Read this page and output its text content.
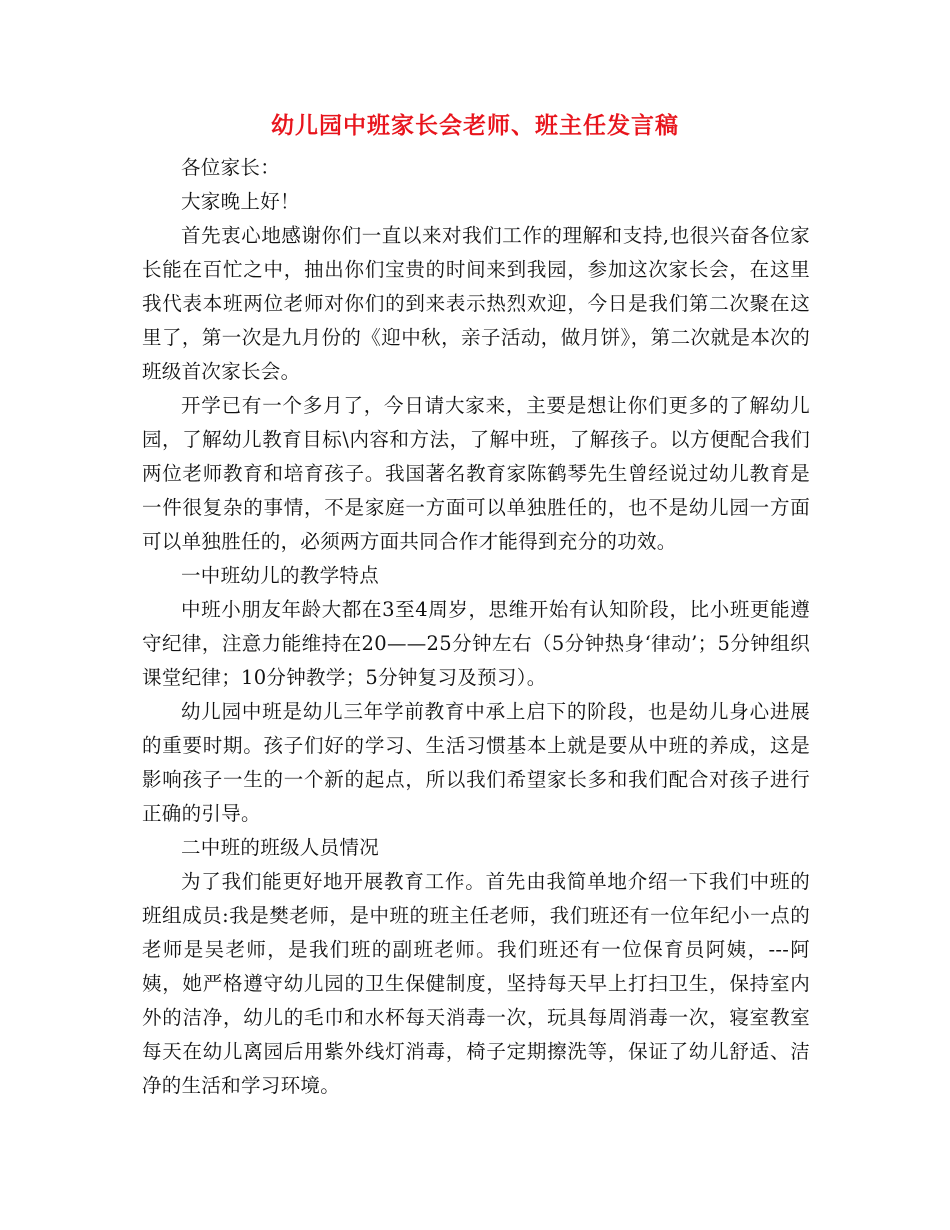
幼儿园中班家长会老师、班主任发言稿

各位家长：

大家晚上好！

首先衷心地感谢你们一直以来对我们工作的理解和支持,也很兴奋各位家长能在百忙之中，抽出你们宝贵的时间来到我园，参加这次家长会，在这里我代表本班两位老师对你们的到来表示热烈欢迎，今日是我们第二次聚在这里了，第一次是九月份的《迎中秋，亲子活动，做月饼》，第二次就是本次的班级首次家长会。

开学已有一个多月了，今日请大家来，主要是想让你们更多的了解幼儿园，了解幼儿教育目标\内容和方法，了解中班，了解孩子。以方便配合我们两位老师教育和培育孩子。我国著名教育家陈鹤琴先生曾经说过幼儿教育是一件很复杂的事情，不是家庭一方面可以单独胜任的，也不是幼儿园一方面可以单独胜任的，必须两方面共同合作才能得到充分的功效。

一中班幼儿的教学特点

中班小朋友年龄大都在3至4周岁，思维开始有认知阶段，比小班更能遵守纪律，注意力能维持在20——25分钟左右（5分钟热身‘律动’；5分钟组织课堂纪律；10分钟教学；5分钟复习及预习）。

幼儿园中班是幼儿三年学前教育中承上启下的阶段，也是幼儿身心进展的重要时期。孩子们好的学习、生活习惯基本上就是要从中班的养成，这是影响孩子一生的一个新的起点，所以我们希望家长多和我们配合对孩子进行正确的引导。

二中班的班级人员情况

为了我们能更好地开展教育工作。首先由我简单地介绍一下我们中班的班组成员:我是樊老师，是中班的班主任老师，我们班还有一位年纪小一点的老师是吴老师，是我们班的副班老师。我们班还有一位保育员阿姨，---阿姨，她严格遵守幼儿园的卫生保健制度，坚持每天早上打扫卫生，保持室内外的洁净，幼儿的毛巾和水杯每天消毒一次，玩具每周消毒一次，寝室教室每天在幼儿离园后用紫外线灯消毒，椅子定期擦洗等，保证了幼儿舒适、洁净的生活和学习环境。
